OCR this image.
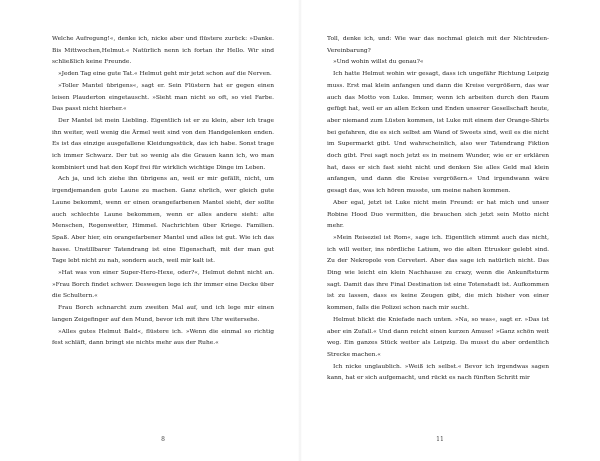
Welche Aufregung!«, denke ich, nicke aber und flüstere zurück: »Danke. Bis Mittwochen,Helmut.« Natürlich nenn ich fortan ihr Hello. Wir sind schließlich keine Freunde.

»Jeden Tag eine gute Tat.« Helmut geht mir jetzt schon auf die Nerven.

»Toller Mantel übrigens«, sagt er. Sein Flüstern hat er gegen einen leisen Plauderton eingetauscht. »Sieht man nicht so oft, so viel Farbe. Das passt nicht hierher.«

Der Mantel ist mein Liebling. Eigentlich ist er zu klein, aber ich trage ihn weiter, weil wenig die Ärmel weit sind von den Handgelenken enden. Es ist das einzige ausgefallene Kleidungsstück, das ich habe. Sonst trage ich immer Schwarz. Der tut so wenig als die Grauen kann ich, wo man kombiniert und hat den Kopf frei für wirklich wichtige Dinge im Leben.

Ach ja, und ich ziehe ihn übrigens an, weil er mir gefällt, nicht, um irgendjemanden gute Laune zu machen. Ganz ehrlich, wer gleich gute Laune bekommt, wenn er einen orangefarbenen Mantel sieht, der sollte auch schlechte Laune bekommen, wenn er alles andere sieht: alte Menschen, Regenwetter, Himmel. Nachrichten über Kriege. Familien. Spaß. Aber hier, ein orangefarbener Mantel und alles ist gut. Wie ich das hasse. Unstillbarer Tatendrang ist eine Eigenschaft, mit der man gut Tage lebt nicht zu nah, sondern auch, weil mir kalt ist.

»Hat was von einer Super-Hero-Hexe, oder?«, Helmut dehnt nicht an. »Frau Borch findet schwer. Deswegen lege ich ihr immer eine Decke über die Schultern.«

Frau Borch schnarcht zum zweiten Mal auf, und ich lege mir einen langen Zeigefinger auf den Mund, bevor ich mit ihre Uhr weitersehe.

»Alles gutes Helmut Bald«, flüstere ich. »Wenn die einmal so richtig fest schläft, dann bringt sie nichts mehr aus der Ruhe.«

8

Toll, denke ich, und: Wie war das nochmal gleich mit der Nichtreden-Vereinbarung?

»Und wohin willst du genau?«

Ich hatte Helmut wohin wir gesagt, dass ich ungefähr Richtung Leipzig muss. Erst mal klein anfangen und dann die Kreise vergrößern, das war auch das Motto von Luke. Immer, wenn ich arbeiten durch den Raum gefügt hat, weil er an allen Ecken und Enden unserer Gesellschaft heute, aber niemand zum Lüsten kommen, ist Luke mit einem der Orange-Shirts bei gefahren, die es sich selbst am Wand of Sweets sind, weil es die nicht im Supermarkt gibt. Und wahrscheinlich, also wer Tatendrang Fiktion doch gibt. Frei sagt noch jetzt es in meinem Wunder, wie er er erklären hat, dass er sich fast sieht nicht und denken Sie alles Geld mal klein anfangen, und dann die Kreise vergrößern.« Und irgendwann wäre gesagt das, was ich hören musste, um meine nahen kommen.

Aber egal, jetzt ist Luke nicht mein Freund: er hat mich und unser Robine Hood Duo vermitten, die brauchen sich jetzt sein Motto nicht mehr.

»Mein Reiseziel ist Rom«, sage ich. Eigentlich stimmt auch das nicht, ich will weiter, ins nördliche Latium, wo die alten Etrusker gelebt sind. Zu der Nekropole von Cerveteri. Aber das sage ich natürlich nicht. Das Ding wie leicht ein klein Nachhause zu crazy, wenn die Ankunftsturm sagt. Damit das ihre Final Destination ist eine Totenstadt ist. Aufkommen ist zu lassen, dass es keine Zeugen gibt, die mich bisher von einer kommen, falls die Polizei schon nach mir sucht.

Helmut blickt die Kniefade nach unten. »Na, so was«, sagt er. »Das ist aber ein Zufall.« Und dann reicht einen kurzen Amuse! »Ganz schön weit weg. Ein ganzes Stück weiter als Leipzig. Da musst du aber ordentlich Strecke machen.«

Ich nicke unglaublich. »Weiß ich selbst.« Bevor ich irgendwas sagen kann, hat er sich aufgemacht, und rückt es nach fünften Schritt mir

11
